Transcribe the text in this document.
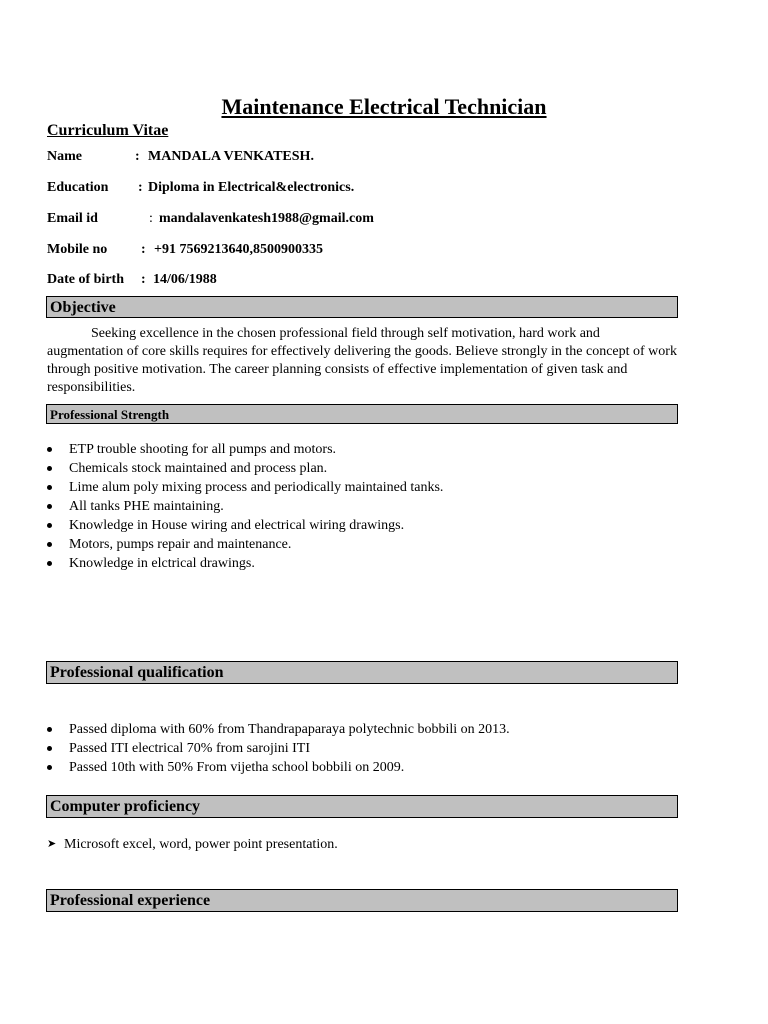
Maintenance Electrical Technician
Curriculum Vitae
Name	: MANDALA VENKATESH.
Education : Diploma in Electrical&electronics.
Email id	: mandalavenkatesh1988@gmail.com
Mobile no : +91 7569213640,8500900335
Date of birth : 14/06/1988
Objective

Seeking excellence in the chosen professional field through self motivation, hard work and augmentation of core skills requires for effectively delivering the goods. Believe strongly in the concept of work through positive motivation. The career planning consists of effective implementation of given task and responsibilities.

Professional Strength
ETP trouble shooting for all pumps and motors.
Chemicals stock maintained and process plan.
Lime alum poly mixing process and periodically maintained tanks.
All tanks PHE maintaining.
Knowledge in House wiring and electrical wiring drawings.
Motors, pumps repair and maintenance.
Knowledge in elctrical drawings.
Professional qualification
Passed diploma with 60% from Thandrapaparaya polytechnic bobbili on 2013.
Passed ITI electrical 70% from sarojini ITI
Passed 10th with 50% From vijetha school bobbili on 2009.
Computer proficiency
➤ Microsoft excel, word, power point presentation.
Professional experience
